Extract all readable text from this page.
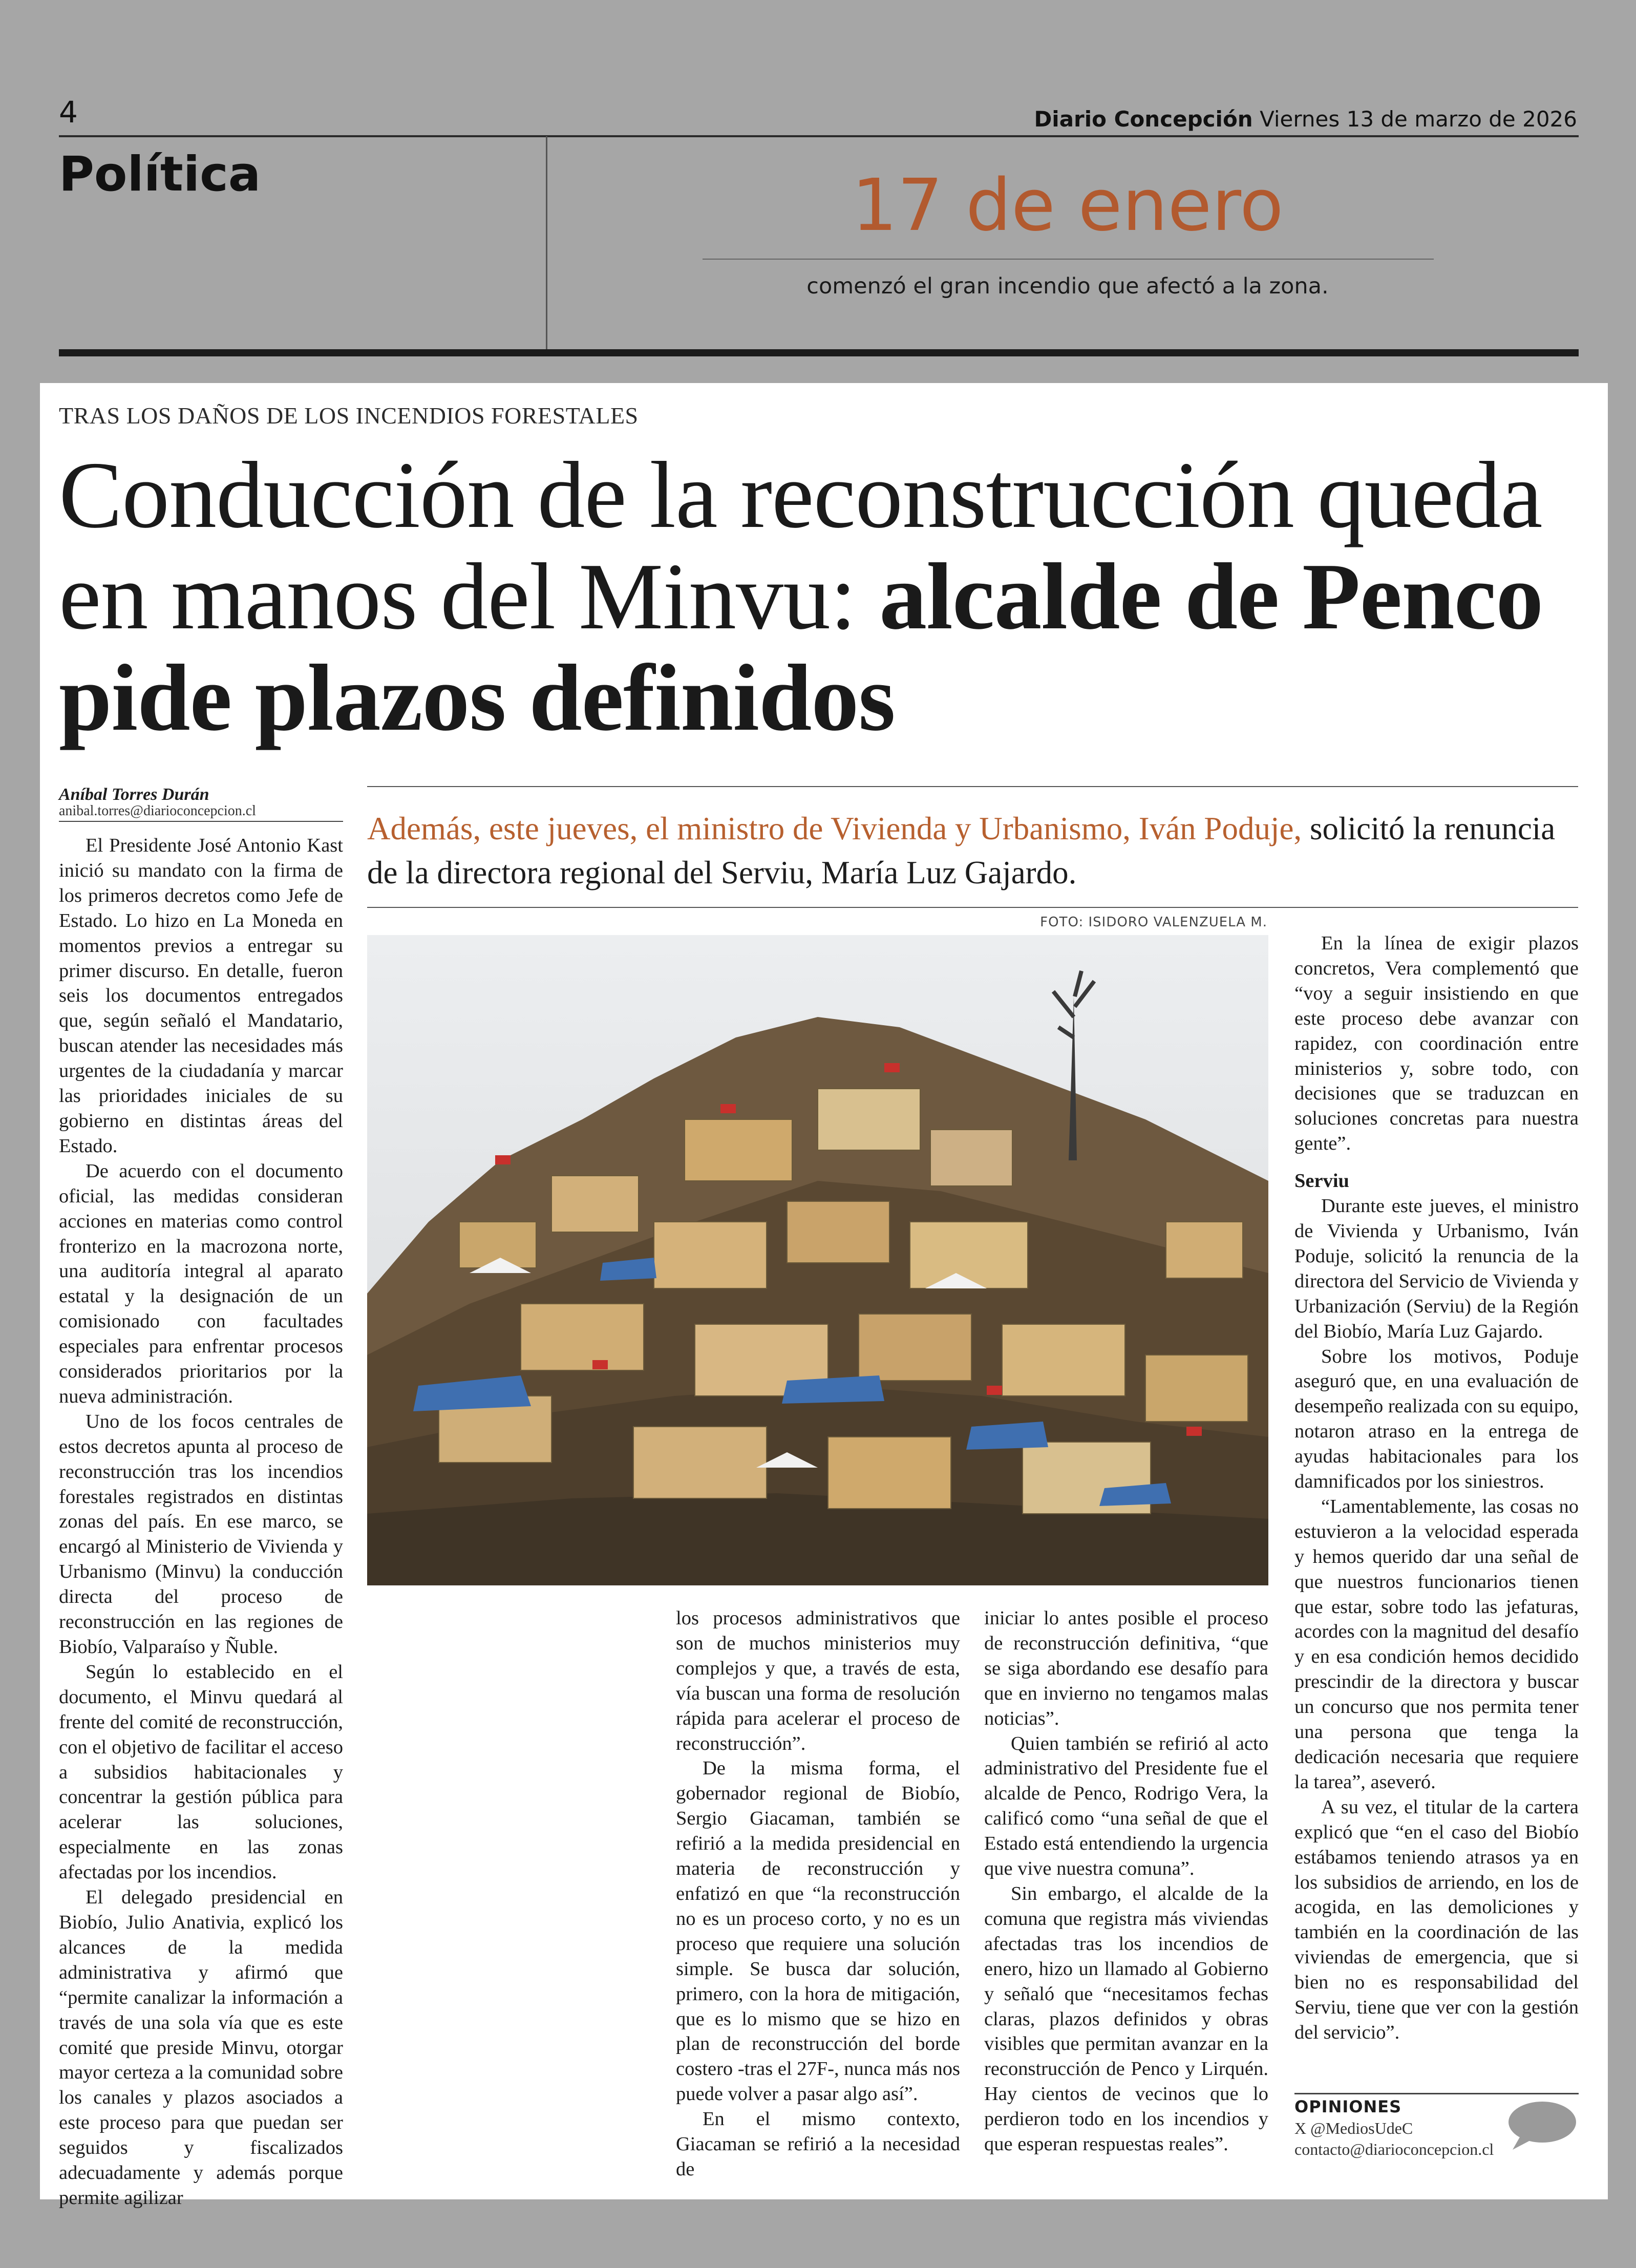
4	Diario Concepción Viernes 13 de marzo de 2026
Política	17 de enero
comenzó el gran incendio que afectó a la zona.
TRAS LOS DAÑOS DE LOS INCENDIOS FORESTALES
Conducción de la reconstrucción queda en manos del Minvu: alcalde de Penco pide plazos definidos
Aníbal Torres Durán
anibal.torres@diarioconcepcion.cl	Además, este jueves, el ministro de Vivienda y Urbanismo, Iván Poduje, solicitó la renuncia de la directora regional del Serviu, María Luz Gajardo.
FOTO: ISIDORO VALENZUELA M.

El Presidente José Antonio Kast inició su mandato con la firma de los primeros decretos como Jefe de Estado. Lo hizo en La Moneda en momentos previos a entregar su primer discurso. En detalle, fueron seis los documentos entregados que, según señaló el Mandatario, buscan atender las necesidades más urgentes de la ciudadanía y marcar las prioridades iniciales de su gobierno en distintas áreas del Estado.

De acuerdo con el documento oficial, las medidas consideran acciones en materias como control fronterizo en la macrozona norte, una auditoría integral al aparato estatal y la designación de un comisionado con facultades especiales para enfrentar procesos considerados prioritarios por la nueva administración.

Uno de los focos centrales de estos decretos apunta al proceso de reconstrucción tras los incendios forestales registrados en distintas zonas del país. En ese marco, se encargó al Ministerio de Vivienda y Urbanismo (Minvu) la conducción directa del proceso de reconstrucción en las regiones de Biobío, Valparaíso y Ñuble.

Según lo establecido en el documento, el Minvu quedará al frente del comité de reconstrucción, con el objetivo de facilitar el acceso a subsidios habitacionales y concentrar la gestión pública para acelerar las soluciones, especialmente en las zonas afectadas por los incendios.

El delegado presidencial en Biobío, Julio Anativia, explicó los alcances de la medida administrativa y afirmó que “permite canalizar la información a través de una sola vía que es este comité que preside Minvu, otorgar mayor certeza a la comunidad sobre los canales y plazos asociados a este proceso para que puedan ser seguidos y fiscalizados adecuadamente y además porque permite agilizar

los procesos administrativos que son de muchos ministerios muy complejos y que, a través de esta, vía buscan una forma de resolución rápida para acelerar el proceso de reconstrucción”.

De la misma forma, el gobernador regional de Biobío, Sergio Giacaman, también se refirió a la medida presidencial en materia de reconstrucción y enfatizó en que “la reconstrucción no es un proceso corto, y no es un proceso que requiere una solución simple. Se busca dar solución, primero, con la hora de mitigación, que es lo mismo que se hizo en plan de reconstrucción del borde costero -tras el 27F-, nunca más nos puede volver a pasar algo así”.

En el mismo contexto, Giacaman se refirió a la necesidad de

iniciar lo antes posible el proceso de reconstrucción definitiva, “que se siga abordando ese desafío para que en invierno no tengamos malas noticias”.

Quien también se refirió al acto administrativo del Presidente fue el alcalde de Penco, Rodrigo Vera, la calificó como “una señal de que el Estado está entendiendo la urgencia que vive nuestra comuna”.

Sin embargo, el alcalde de la comuna que registra más viviendas afectadas tras los incendios de enero, hizo un llamado al Gobierno y señaló que “necesitamos fechas claras, plazos definidos y obras visibles que permitan avanzar en la reconstrucción de Penco y Lirquén. Hay cientos de vecinos que lo perdieron todo en los incendios y que esperan respuestas reales”.

En la línea de exigir plazos concretos, Vera complementó que “voy a seguir insistiendo en que este proceso debe avanzar con rapidez, con coordinación entre ministerios y, sobre todo, con decisiones que se traduzcan en soluciones concretas para nuestra gente”.

Serviu

Durante este jueves, el ministro de Vivienda y Urbanismo, Iván Poduje, solicitó la renuncia de la directora del Servicio de Vivienda y Urbanización (Serviu) de la Región del Biobío, María Luz Gajardo.

Sobre los motivos, Poduje aseguró que, en una evaluación de desempeño realizada con su equipo, notaron atraso en la entrega de ayudas habitacionales para los damnificados por los siniestros.

“Lamentablemente, las cosas no estuvieron a la velocidad esperada y hemos querido dar una señal de que nuestros funcionarios tienen que estar, sobre todo las jefaturas, acordes con la magnitud del desafío y en esa condición hemos decidido prescindir de la directora y buscar un concurso que nos permita tener una persona que tenga la dedicación necesaria que requiere la tarea”, aseveró.

A su vez, el titular de la cartera explicó que “en el caso del Biobío estábamos teniendo atrasos ya en los subsidios de arriendo, en los de acogida, en las demoliciones y también en la coordinación de las viviendas de emergencia, que si bien no es responsabilidad del Serviu, tiene que ver con la gestión del servicio”.

OPINIONES
X @MediosUdeC
contacto@diarioconcepcion.cl
